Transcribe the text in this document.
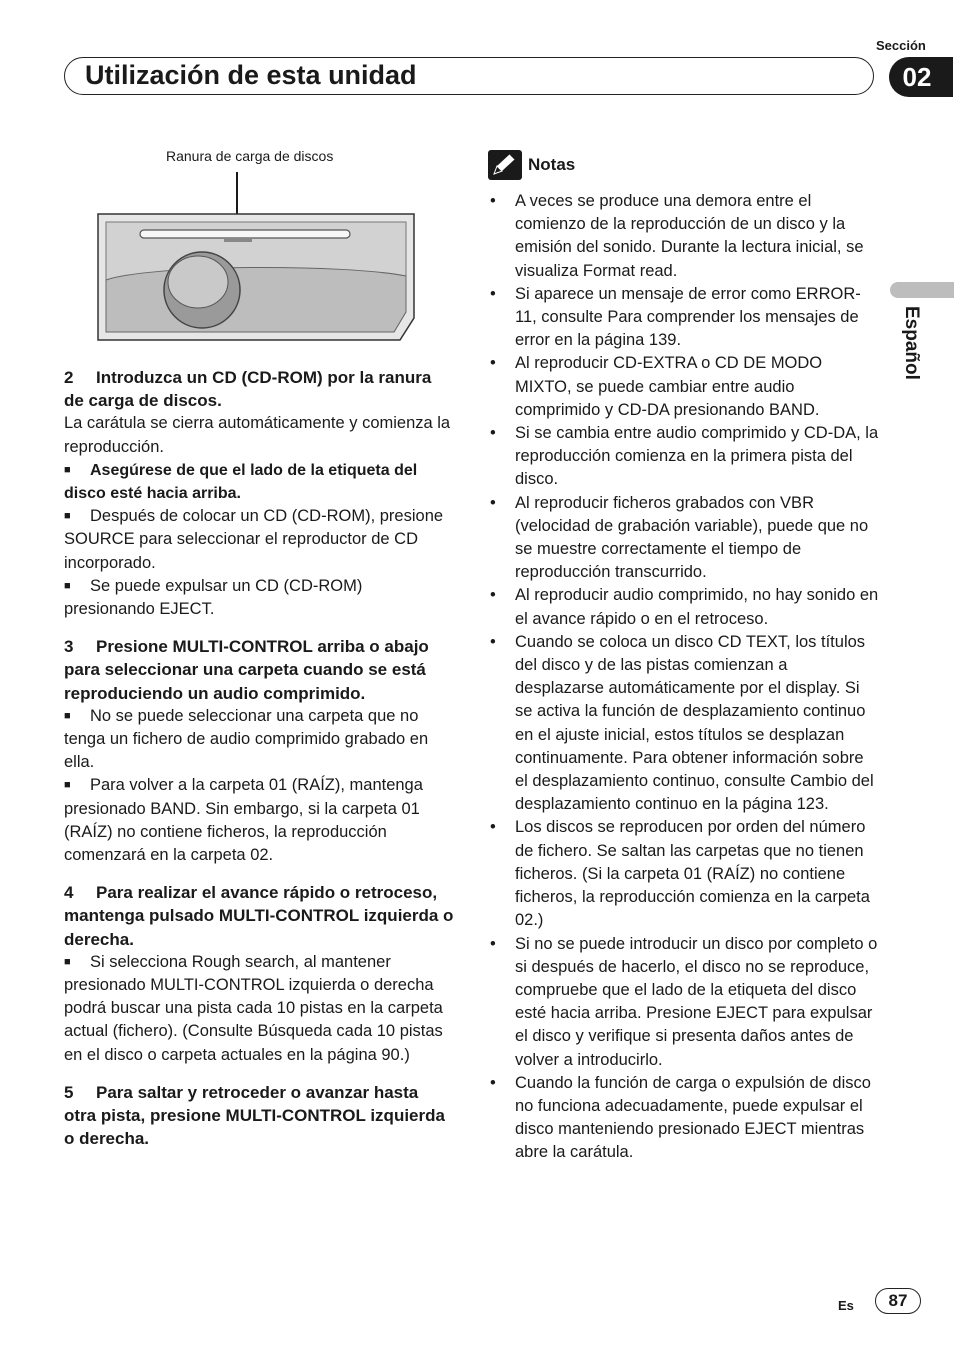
Sección
Utilización de esta unidad	02
Español
Ranura de carga de discos
2 Introduzca un CD (CD-ROM) por la ranura de carga de discos.

La carátula se cierra automáticamente y comienza la reproducción.

■ Asegúrese de que el lado de la etiqueta del disco esté hacia arriba.

■ Después de colocar un CD (CD-ROM), presione SOURCE para seleccionar el reproductor de CD incorporado.

■ Se puede expulsar un CD (CD-ROM) presionando EJECT.

3 Presione MULTI-CONTROL arriba o abajo para seleccionar una carpeta cuando se está reproduciendo un audio comprimido.

■ No se puede seleccionar una carpeta que no tenga un fichero de audio comprimido grabado en ella.

■ Para volver a la carpeta 01 (RAÍZ), mantenga presionado BAND. Sin embargo, si la carpeta 01 (RAÍZ) no contiene ficheros, la reproducción comenzará en la carpeta 02.

4 Para realizar el avance rápido o retroceso, mantenga pulsado MULTI-CONTROL izquierda o derecha.

■ Si selecciona Rough search, al mantener presionado MULTI-CONTROL izquierda o derecha podrá buscar una pista cada 10 pistas en la carpeta actual (fichero). (Consulte Búsqueda cada 10 pistas en el disco o carpeta actuales en la página 90.)

5 Para saltar y retroceder o avanzar hasta otra pista, presione MULTI-CONTROL izquierda o derecha.
Notas
• A veces se produce una demora entre el comienzo de la reproducción de un disco y la emisión del sonido. Durante la lectura inicial, se visualiza Format read.
• Si aparece un mensaje de error como ERROR-11, consulte Para comprender los mensajes de error en la página 139.
• Al reproducir CD-EXTRA o CD DE MODO MIXTO, se puede cambiar entre audio comprimido y CD-DA presionando BAND.
• Si se cambia entre audio comprimido y CD-DA, la reproducción comienza en la primera pista del disco.
• Al reproducir ficheros grabados con VBR (velocidad de grabación variable), puede que no se muestre correctamente el tiempo de reproducción transcurrido.
• Al reproducir audio comprimido, no hay sonido en el avance rápido o en el retroceso.
• Cuando se coloca un disco CD TEXT, los títulos del disco y de las pistas comienzan a desplazarse automáticamente por el display. Si se activa la función de desplazamiento continuo en el ajuste inicial, estos títulos se desplazan continuamente. Para obtener información sobre el desplazamiento continuo, consulte Cambio del desplazamiento continuo en la página 123.
• Los discos se reproducen por orden del número de fichero. Se saltan las carpetas que no tienen ficheros. (Si la carpeta 01 (RAÍZ) no contiene ficheros, la reproducción comienza en la carpeta 02.)
• Si no se puede introducir un disco por completo o si después de hacerlo, el disco no se reproduce, compruebe que el lado de la etiqueta del disco esté hacia arriba. Presione EJECT para expulsar el disco y verifique si presenta daños antes de volver a introducirlo.
• Cuando la función de carga o expulsión de disco no funciona adecuadamente, puede expulsar el disco manteniendo presionado EJECT mientras abre la carátula.
Es	87
